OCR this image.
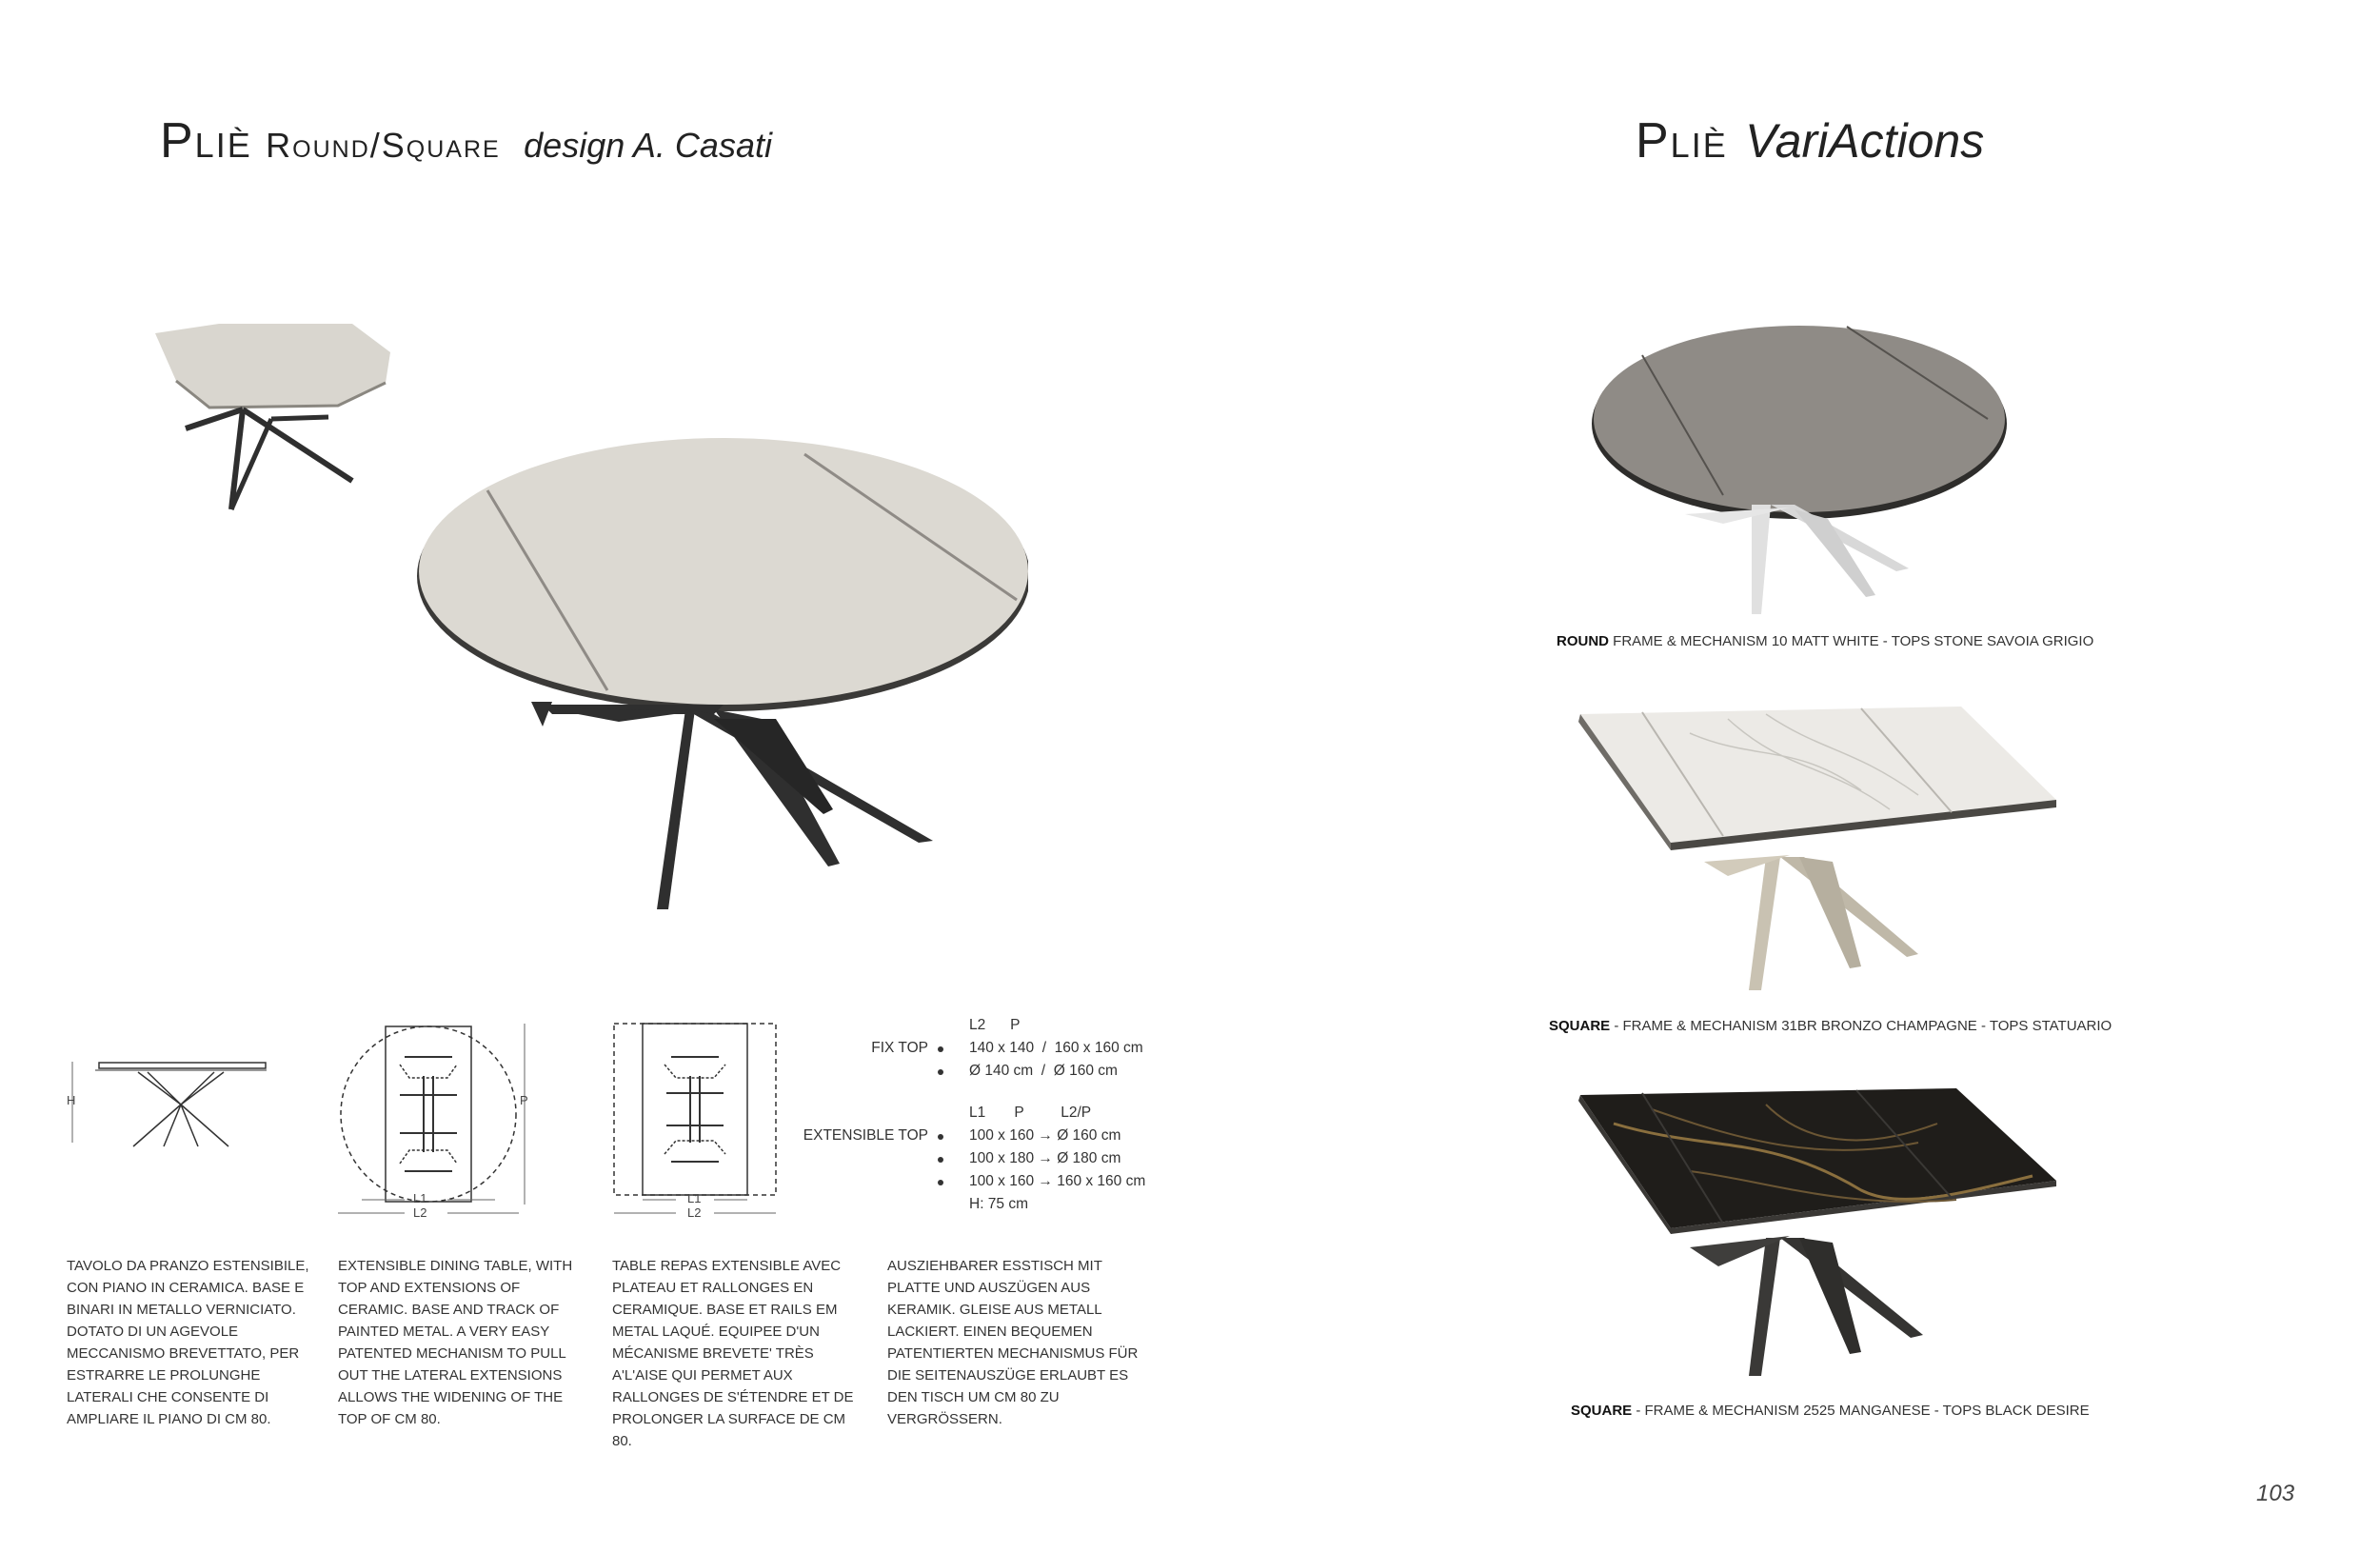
Pliè Round/Square design A. Casati	Pliè VariActions
H	P
L1
L2
L1
L2
L2      P
FIX TOP	140 x 140  /  160 x 160 cm
Ø 140 cm  /  Ø 160 cm
L1       P         L2/P
EXTENSIBLE TOP	100 x 160 → Ø 160 cm
100 x 180 → Ø 180 cm
100 x 160 → 160 x 160 cm
H: 75 cm
TAVOLO DA PRANZO ESTENSIBILE, CON PIANO IN CERAMICA. BASE E BINARI IN METALLO VERNICIATO. DOTATO DI UN AGEVOLE MECCANISMO BREVETTATO, PER ESTRARRE LE PROLUNGHE LATERALI CHE CONSENTE DI AMPLIARE IL PIANO DI CM 80.
EXTENSIBLE DINING TABLE, WITH TOP AND EXTENSIONS OF CERAMIC. BASE AND TRACK OF PAINTED METAL. A VERY EASY PATENTED MECHANISM TO PULL OUT THE LATERAL EXTENSIONS ALLOWS THE WIDENING OF THE TOP OF CM 80.
TABLE REPAS EXTENSIBLE AVEC PLATEAU ET RALLONGES EN CERAMIQUE. BASE ET RAILS EM METAL LAQUÉ. EQUIPEE D'UN MÉCANISME BREVETE' TRÈS A'L'AISE QUI PERMET AUX RALLONGES DE S'ÉTENDRE ET DE PROLONGER LA SURFACE DE CM 80.
AUSZIEHBARER ESSTISCH MIT PLATTE UND AUSZÜGEN AUS KERAMIK. GLEISE AUS METALL LACKIERT. EINEN BEQUEMEN PATENTIERTEN MECHANISMUS FÜR DIE SEITENAUSZÜGE ERLAUBT ES DEN TISCH UM CM 80 ZU VERGRÖSSERN.
ROUND FRAME & MECHANISM 10 MATT WHITE - TOPS STONE SAVOIA GRIGIO
SQUARE - FRAME & MECHANISM 31BR BRONZO CHAMPAGNE - TOPS STATUARIO
SQUARE - FRAME & MECHANISM 2525 MANGANESE - TOPS BLACK DESIRE
103
